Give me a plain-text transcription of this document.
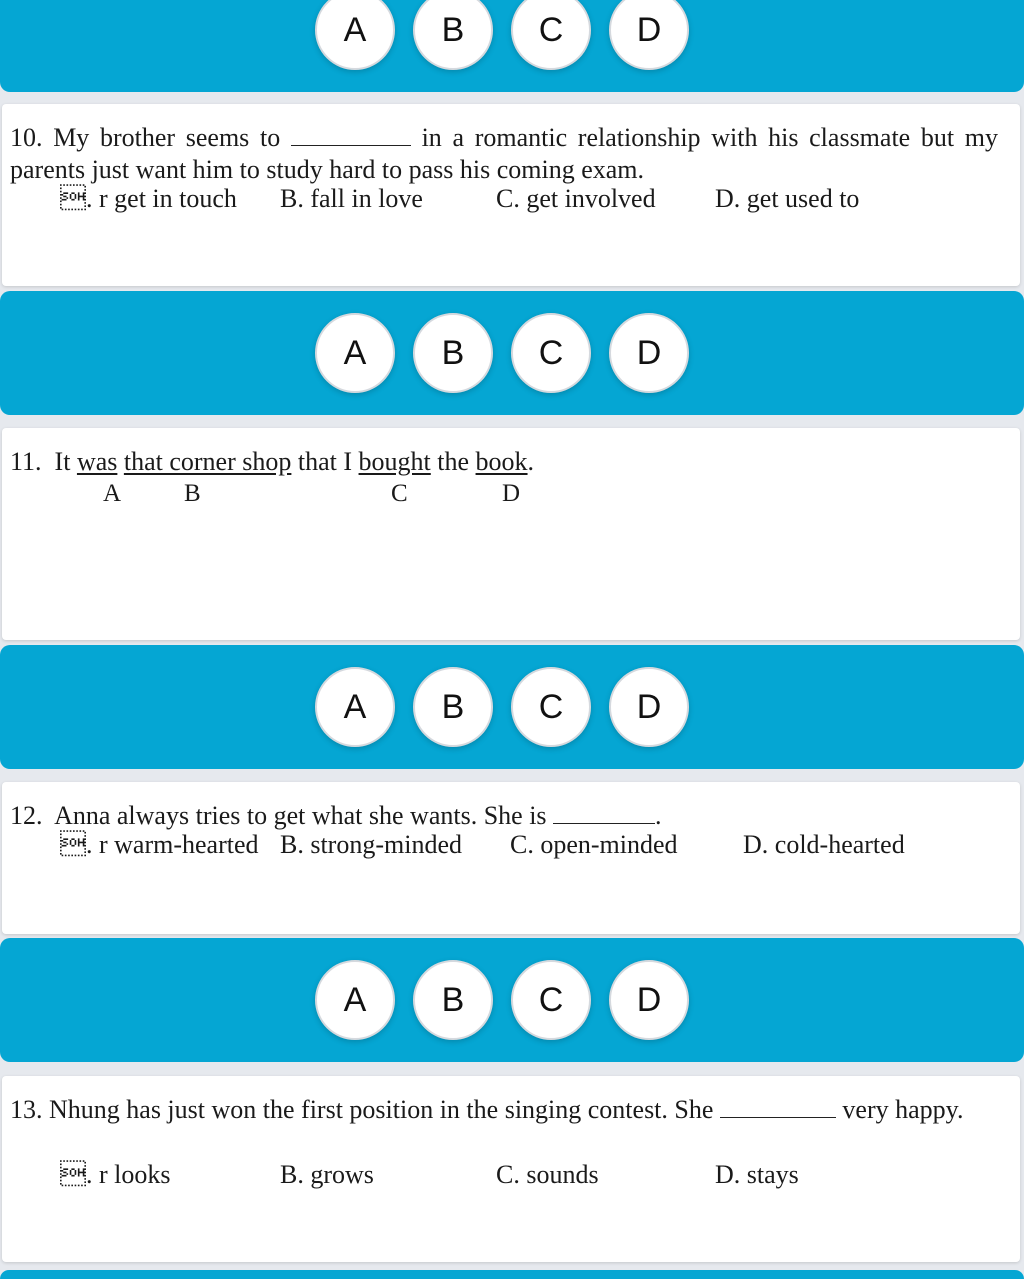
A	B	C	D
10. My brother seems to	in a romantic relationship with his classmate but my parents just want him to study hard to pass his coming exam.
. r get in touch B. fall in love	C. get involved D. get used to
A	B	C	D
11. It was that corner shop that I bought the book.
A	B	C	D
A	B	C	D
12. Anna always tries to get what she wants. She is	.
. r warm-hearted B. strong-minded C. open-minded	D. cold-hearted
A	B	C	D
13. Nhung has just won the first position in the singing contest. She	very happy.
. r looks	B. grows	C. sounds	D. stays
